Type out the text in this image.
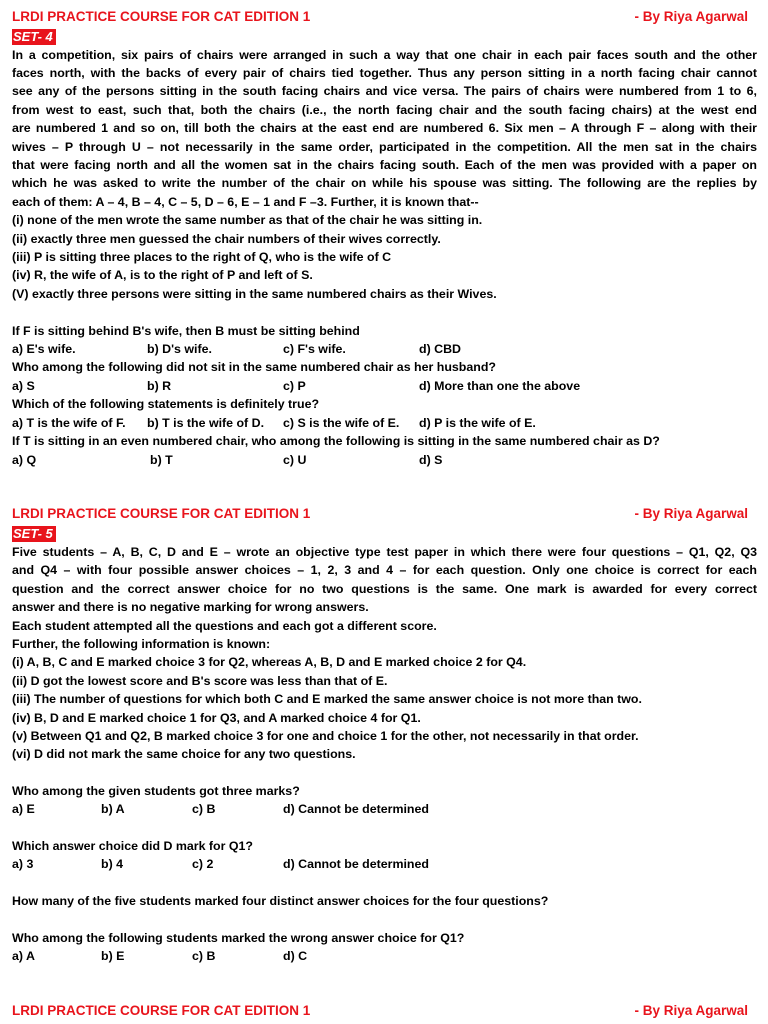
LRDI PRACTICE COURSE FOR CAT EDITION 1	- By Riya Agarwal
SET- 4
In a competition, six pairs of chairs were arranged in such a way that one chair in each pair faces south and the other
faces north, with the backs of every pair of chairs tied together. Thus any person sitting in a north facing chair cannot
see any of the persons sitting in the south facing chairs and vice versa. The pairs of chairs were numbered from 1 to 6,
from west to east, such that, both the chairs (i.e., the north facing chair and the south facing chairs) at the west end
are numbered 1 and so on, till both the chairs at the east end are numbered 6. Six men – A through F – along with their
wives – P through U – not necessarily in the same order, participated in the competition. All the men sat in the chairs
that were facing north and all the women sat in the chairs facing south. Each of the men was provided with a paper on
which he was asked to write the number of the chair on while his spouse was sitting. The following are the replies by
each of them: A – 4, B – 4, C – 5, D – 6, E – 1 and F –3. Further, it is known that--
(i) none of the men wrote the same number as that of the chair he was sitting in.
(ii) exactly three men guessed the chair numbers of their wives correctly.
(iii) P is sitting three places to the right of Q, who is the wife of C
(iv) R, the wife of A, is to the right of P and left of S.
(V) exactly three persons were sitting in the same numbered chairs as their Wives.
If F is sitting behind B's wife, then B must be sitting behind
a) E's wife.	b) D's wife.	c) F's wife.	d) CBD
Who among the following did not sit in the same numbered chair as her husband?
a) S	b) R	c) P	d) More than one the above
Which of the following statements is definitely true?
a) T is the wife of F. b) T is the wife of D. c) S is the wife of E. d) P is the wife of E.
If T is sitting in an even numbered chair, who among the following is sitting in the same numbered chair as D?
a) Q	b) T	c) U	d) S
LRDI PRACTICE COURSE FOR CAT EDITION 1	- By Riya Agarwal
SET- 5
Five students – A, B, C, D and E – wrote an objective type test paper in which there were four questions – Q1, Q2, Q3
and Q4 – with four possible answer choices – 1, 2, 3 and 4 – for each question. Only one choice is correct for each
question and the correct answer choice for no two questions is the same. One mark is awarded for every correct
answer and there is no negative marking for wrong answers.
Each student attempted all the questions and each got a different score.
Further, the following information is known:
(i) A, B, C and E marked choice 3 for Q2, whereas A, B, D and E marked choice 2 for Q4.
(ii) D got the lowest score and B's score was less than that of E.
(iii) The number of questions for which both C and E marked the same answer choice is not more than two.
(iv) B, D and E marked choice 1 for Q3, and A marked choice 4 for Q1.
(v) Between Q1 and Q2, B marked choice 3 for one and choice 1 for the other, not necessarily in that order.
(vi) D did not mark the same choice for any two questions.
Who among the given students got three marks?
a) E	b) A	c) B	d) Cannot be determined
Which answer choice did D mark for Q1?
a) 3	b) 4	c) 2	d) Cannot be determined
How many of the five students marked four distinct answer choices for the four questions?
Who among the following students marked the wrong answer choice for Q1?
a) A	b) E	c) B	d) C
LRDI PRACTICE COURSE FOR CAT EDITION 1	- By Riya Agarwal
